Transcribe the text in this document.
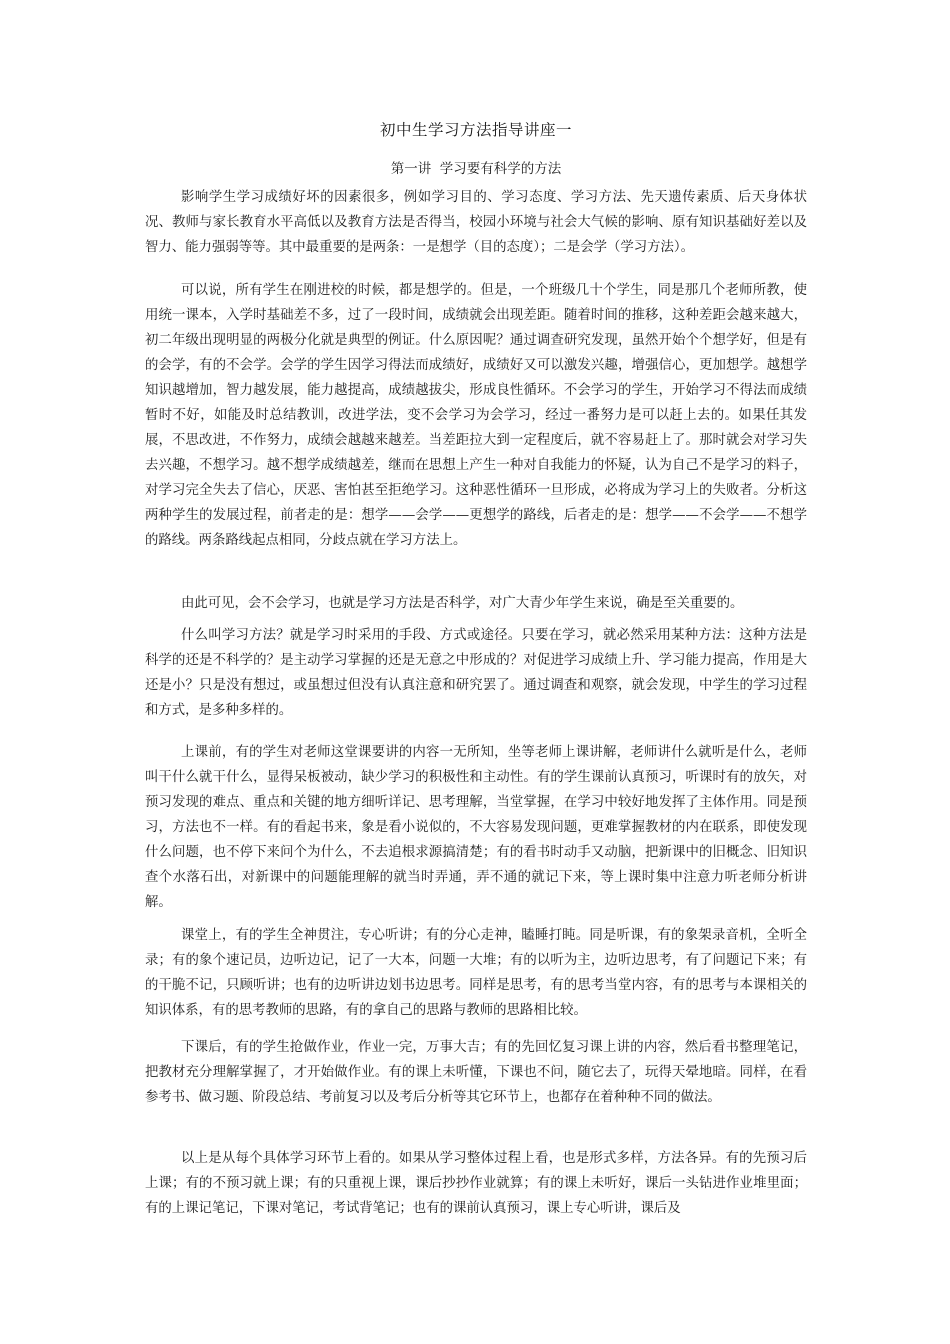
初中生学习方法指导讲座一
第一讲  学习要有科学的方法

影响学生学习成绩好坏的因素很多，例如学习目的、学习态度、学习方法、先天遗传素质、后天身体状况、教师与家长教育水平高低以及教育方法是否得当，校园小环境与社会大气候的影响、原有知识基础好差以及智力、能力强弱等等。其中最重要的是两条：一是想学（目的态度）；二是会学（学习方法）。

可以说，所有学生在刚进校的时候，都是想学的。但是，一个班级几十个学生，同是那几个老师所教，使用统一课本，入学时基础差不多，过了一段时间，成绩就会出现差距。随着时间的推移，这种差距会越来越大，初二年级出现明显的两极分化就是典型的例证。什么原因呢？通过调查研究发现，虽然开始个个想学好，但是有的会学，有的不会学。会学的学生因学习得法而成绩好，成绩好又可以激发兴趣，增强信心，更加想学。越想学知识越增加，智力越发展，能力越提高，成绩越拔尖，形成良性循环。不会学习的学生，开始学习不得法而成绩暂时不好，如能及时总结教训，改进学法，变不会学习为会学习，经过一番努力是可以赶上去的。如果任其发展，不思改进，不作努力，成绩会越越来越差。当差距拉大到一定程度后，就不容易赶上了。那时就会对学习失去兴趣，不想学习。越不想学成绩越差，继而在思想上产生一种对自我能力的怀疑，认为自己不是学习的料子，对学习完全失去了信心，厌恶、害怕甚至拒绝学习。这种恶性循环一旦形成，必将成为学习上的失败者。分析这两种学生的发展过程，前者走的是：想学——会学——更想学的路线，后者走的是：想学——不会学——不想学的路线。两条路线起点相同，分歧点就在学习方法上。

由此可见，会不会学习，也就是学习方法是否科学，对广大青少年学生来说，确是至关重要的。

什么叫学习方法？就是学习时采用的手段、方式或途径。只要在学习，就必然采用某种方法：这种方法是科学的还是不科学的？是主动学习掌握的还是无意之中形成的？对促进学习成绩上升、学习能力提高，作用是大还是小？只是没有想过，或虽想过但没有认真注意和研究罢了。通过调查和观察，就会发现，中学生的学习过程和方式，是多种多样的。

上课前，有的学生对老师这堂课要讲的内容一无所知，坐等老师上课讲解，老师讲什么就听是什么，老师叫干什么就干什么，显得呆板被动，缺少学习的积极性和主动性。有的学生课前认真预习，听课时有的放矢，对预习发现的难点、重点和关键的地方细听详记、思考理解，当堂掌握，在学习中较好地发挥了主体作用。同是预习，方法也不一样。有的看起书来，象是看小说似的，不大容易发现问题，更难掌握教材的内在联系，即使发现什么问题，也不停下来问个为什么，不去追根求源搞清楚；有的看书时动手又动脑，把新课中的旧概念、旧知识查个水落石出，对新课中的问题能理解的就当时弄通，弄不通的就记下来，等上课时集中注意力听老师分析讲解。

课堂上，有的学生全神贯注，专心听讲；有的分心走神，瞌睡打盹。同是听课，有的象架录音机，全听全录；有的象个速记员，边听边记，记了一大本，问题一大堆；有的以听为主，边听边思考，有了问题记下来；有的干脆不记，只顾听讲；也有的边听讲边划书边思考。同样是思考，有的思考当堂内容，有的思考与本课相关的知识体系，有的思考教师的思路，有的拿自己的思路与教师的思路相比较。

下课后，有的学生抢做作业，作业一完，万事大吉；有的先回忆复习课上讲的内容，然后看书整理笔记，把教材充分理解掌握了，才开始做作业。有的课上未听懂，下课也不问，随它去了，玩得天晕地暗。同样，在看参考书、做习题、阶段总结、考前复习以及考后分析等其它环节上，也都存在着种种不同的做法。

以上是从每个具体学习环节上看的。如果从学习整体过程上看，也是形式多样，方法各异。有的先预习后上课；有的不预习就上课；有的只重视上课，课后抄抄作业就算；有的课上未听好，课后一头钻进作业堆里面；有的上课记笔记，下课对笔记，考试背笔记；也有的课前认真预习，课上专心听讲，课后及
